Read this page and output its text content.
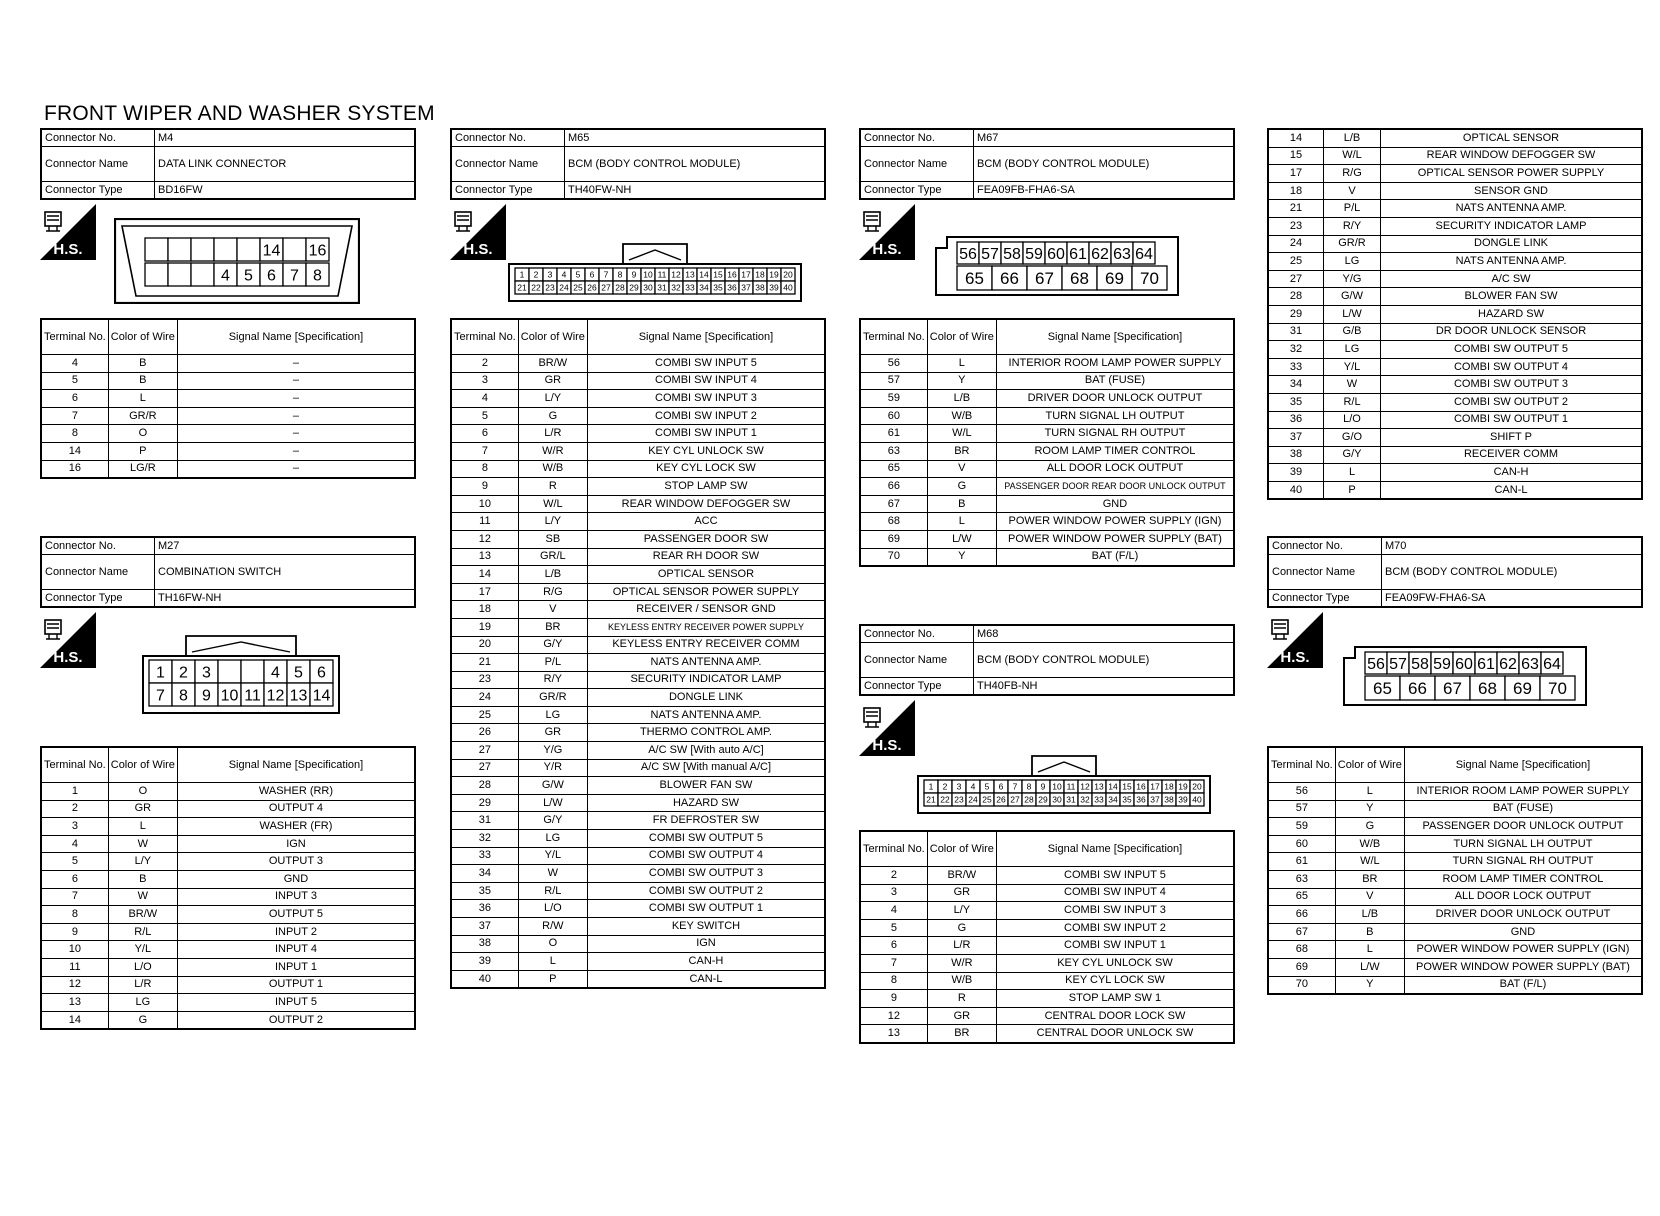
FRONT WIPER AND WASHER SYSTEM
Connector No.	M4
Connector Name	DATA LINK CONNECTOR
Connector Type	BD16FW
H.S.	14 16
4 5 6 7 8
Terminal No.	Color of Wire	Signal Name [Specification]
4	B	–
5	B	–
6	L	–
7	GR/R	–
8	O	–
14	P	–
16	LG/R	–
Connector No.	M27
Connector Name	COMBINATION SWITCH
Connector Type	TH16FW-NH
H.S.
1 2 3	4 5 6
7 8 9 10 11 12 13 14
Terminal No.	Color of Wire	Signal Name [Specification]
1	O	WASHER (RR)
2	GR	OUTPUT 4
3	L	WASHER (FR)
4	W	IGN
5	L/Y	OUTPUT 3
6	B	GND
7	W	INPUT 3
8	BR/W	OUTPUT 5
9	R/L	INPUT 2
10	Y/L	INPUT 4
11	L/O	INPUT 1
12	L/R	OUTPUT 1
13	LG	INPUT 5
14	G	OUTPUT 2
Connector No.	M65
Connector Name	BCM (BODY CONTROL MODULE)
Connector Type	TH40FW-NH
H.S.
1 2 3 4 5 6 7 8 9 10 11 12 13 14 15 16 17 18 19 20
21 22 23 24 25 26 27 28 29 30 31 32 33 34 35 36 37 38 39 40
Terminal No.	Color of Wire	Signal Name [Specification]
2	BR/W	COMBI SW INPUT 5
3	GR	COMBI SW INPUT 4
4	L/Y	COMBI SW INPUT 3
5	G	COMBI SW INPUT 2
6	L/R	COMBI SW INPUT 1
7	W/R	KEY CYL UNLOCK SW
8	W/B	KEY CYL LOCK SW
9	R	STOP LAMP SW
10	W/L	REAR WINDOW DEFOGGER SW
11	L/Y	ACC
12	SB	PASSENGER DOOR SW
13	GR/L	REAR RH DOOR SW
14	L/B	OPTICAL SENSOR
17	R/G	OPTICAL SENSOR POWER SUPPLY
18	V	RECEIVER / SENSOR GND
19	BR	KEYLESS ENTRY RECEIVER POWER SUPPLY
20	G/Y	KEYLESS ENTRY RECEIVER COMM
21	P/L	NATS ANTENNA AMP.
23	R/Y	SECURITY INDICATOR LAMP
24	GR/R	DONGLE LINK
25	LG	NATS ANTENNA AMP.
26	GR	THERMO CONTROL AMP.
27	Y/G	A/C SW [With auto A/C]
27	Y/R	A/C SW [With manual A/C]
28	G/W	BLOWER FAN SW
29	L/W	HAZARD SW
31	G/Y	FR DEFROSTER SW
32	LG	COMBI SW OUTPUT 5
33	Y/L	COMBI SW OUTPUT 4
34	W	COMBI SW OUTPUT 3
35	R/L	COMBI SW OUTPUT 2
36	L/O	COMBI SW OUTPUT 1
37	R/W	KEY SWITCH
38	O	IGN
39	L	CAN-H
40	P	CAN-L
Connector No.	M67
Connector Name	BCM (BODY CONTROL MODULE)
Connector Type	FEA09FB-FHA6-SA
H.S.	56 57 58 59 60 61 62 63 64
65 66 67 68 69 70
Terminal No.	Color of Wire	Signal Name [Specification]
56	L	INTERIOR ROOM LAMP POWER SUPPLY
57	Y	BAT (FUSE)
59	L/B	DRIVER DOOR UNLOCK OUTPUT
60	W/B	TURN SIGNAL LH OUTPUT
61	W/L	TURN SIGNAL RH OUTPUT
63	BR	ROOM LAMP TIMER CONTROL
65	V	ALL DOOR LOCK OUTPUT
66	G	PASSENGER DOOR REAR DOOR UNLOCK OUTPUT
67	B	GND
68	L	POWER WINDOW POWER SUPPLY (IGN)
69	L/W	POWER WINDOW POWER SUPPLY (BAT)
70	Y	BAT (F/L)
Connector No.	M68
Connector Name	BCM (BODY CONTROL MODULE)
Connector Type	TH40FB-NH
H.S.
1 2 3 4 5 6 7 8 9 10 11 12 13 14 15 16 17 18 19 20
21 22 23 24 25 26 27 28 29 30 31 32 33 34 35 36 37 38 39 40
Terminal No.	Color of Wire	Signal Name [Specification]
2	BR/W	COMBI SW INPUT 5
3	GR	COMBI SW INPUT 4
4	L/Y	COMBI SW INPUT 3
5	G	COMBI SW INPUT 2
6	L/R	COMBI SW INPUT 1
7	W/R	KEY CYL UNLOCK SW
8	W/B	KEY CYL LOCK SW
9	R	STOP LAMP SW 1
12	GR	CENTRAL DOOR LOCK SW
13	BR	CENTRAL DOOR UNLOCK SW
14	L/B	OPTICAL SENSOR
15	W/L	REAR WINDOW DEFOGGER SW
17	R/G	OPTICAL SENSOR POWER SUPPLY
18	V	SENSOR GND
21	P/L	NATS ANTENNA AMP.
23	R/Y	SECURITY INDICATOR LAMP
24	GR/R	DONGLE LINK
25	LG	NATS ANTENNA AMP.
27	Y/G	A/C SW
28	G/W	BLOWER FAN SW
29	L/W	HAZARD SW
31	G/B	DR DOOR UNLOCK SENSOR
32	LG	COMBI SW OUTPUT 5
33	Y/L	COMBI SW OUTPUT 4
34	W	COMBI SW OUTPUT 3
35	R/L	COMBI SW OUTPUT 2
36	L/O	COMBI SW OUTPUT 1
37	G/O	SHIFT P
38	G/Y	RECEIVER COMM
39	L	CAN-H
40	P	CAN-L
Connector No.	M70
Connector Name	BCM (BODY CONTROL MODULE)
Connector Type	FEA09FW-FHA6-SA
H.S.	56 57 58 59 60 61 62 63 64
65 66 67 68 69 70
Terminal No.	Color of Wire	Signal Name [Specification]
56	L	INTERIOR ROOM LAMP POWER SUPPLY
57	Y	BAT (FUSE)
59	G	PASSENGER DOOR UNLOCK OUTPUT
60	W/B	TURN SIGNAL LH OUTPUT
61	W/L	TURN SIGNAL RH OUTPUT
63	BR	ROOM LAMP TIMER CONTROL
65	V	ALL DOOR LOCK OUTPUT
66	L/B	DRIVER DOOR UNLOCK OUTPUT
67	B	GND
68	L	POWER WINDOW POWER SUPPLY (IGN)
69	L/W	POWER WINDOW POWER SUPPLY (BAT)
70	Y	BAT (F/L)
